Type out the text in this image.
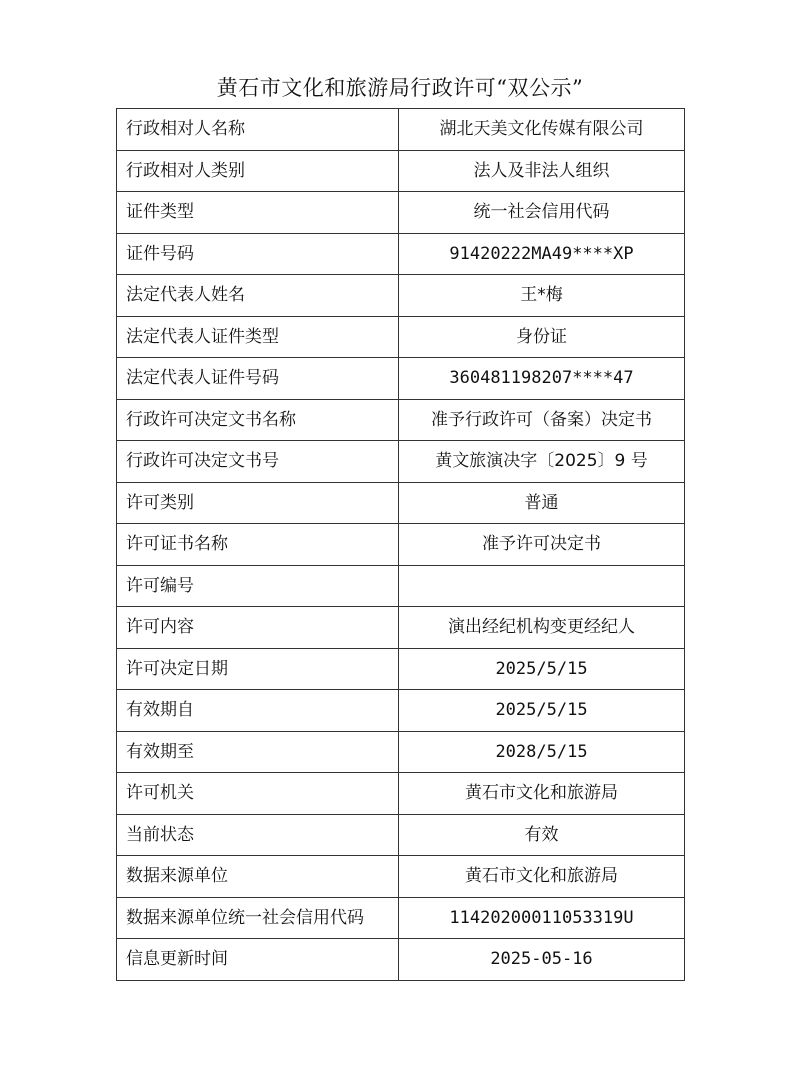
黄石市文化和旅游局行政许可“双公示”
行政相对人名称	湖北天美文化传媒有限公司
行政相对人类别	法人及非法人组织
证件类型	统一社会信用代码
证件号码	91420222MA49****XP
法定代表人姓名	王*梅
法定代表人证件类型	身份证
法定代表人证件号码	360481198207****47
行政许可决定文书名称	准予行政许可（备案）决定书
行政许可决定文书号	黄文旅演决字〔2025〕9 号
许可类别	普通
许可证书名称	准予许可决定书
许可编号	
许可内容	演出经纪机构变更经纪人
许可决定日期	2025/5/15
有效期自	2025/5/15
有效期至	2028/5/15
许可机关	黄石市文化和旅游局
当前状态	有效
数据来源单位	黄石市文化和旅游局
数据来源单位统一社会信用代码	11420200011053319U
信息更新时间	2025-05-16
